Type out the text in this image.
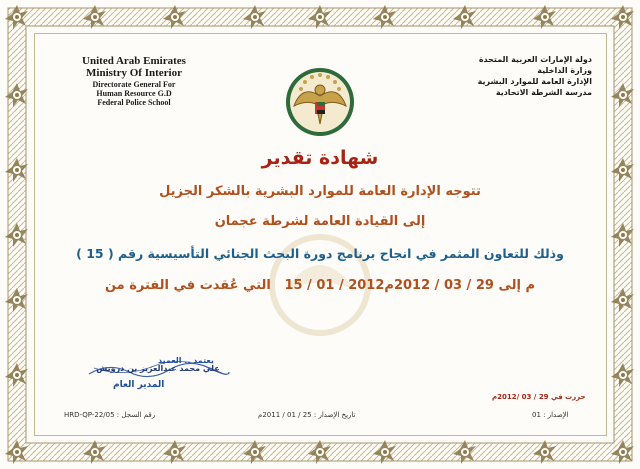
United Arab Emirates
Ministry Of Interior
Directorate General For
Human Resource G.D
Federal Police School
دولة الإمارات العربية المتحدة
وزارة الداخلية
الإدارة العامة للموارد البشرية
مدرسة الشرطة الاتحادية
شهادة تقدير
تتوجه الإدارة العامة للموارد البشرية بالشكر الجزيل
إلى القيادة العامة لشرطة عجمان
وذلك للتعاون المثمر في انجاح برنامج دورة البحث الجنائي التأسيسية رقم ( 15 )
التي عُقدت في الفترة من 15 / 01 / 2012م إلى 29 / 03 / 2012م
يعتمد .. العميد
علي محمد عبدالعزيز بن درويش
المدير العام
حررت في 29 / 03 /2012م
HRD-QP-22/05 : رقم السجل	تاريخ الإصدار : 25 / 01 / 2011م	الإصدار : 01
